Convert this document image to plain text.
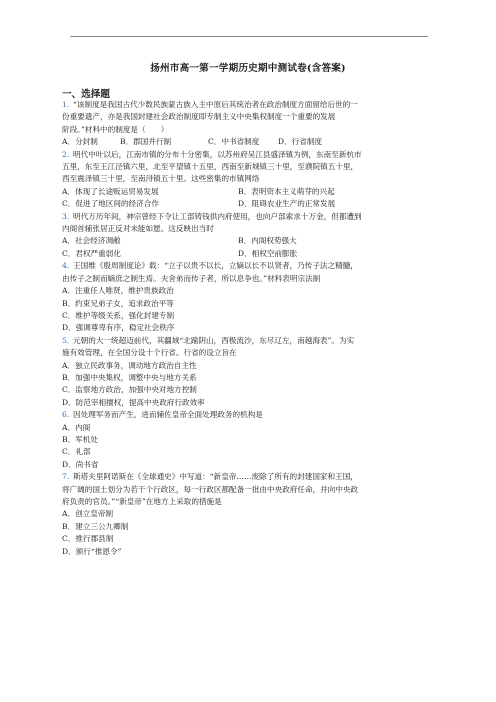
扬州市高一第一学期历史期中测试卷(含答案)
一、选择题
1.  “该制度是我国古代少数民族蒙古族入主中原后其统治者在政治制度方面留给后世的一
份重要遗产，亦是我国封建社会政治制度即专制主义中央集权制度一个重要的发展
阶段。”材料中的制度是（　　）
A．分封制	B．郡国并行制	C．中书省制度	D．行省制度
2.  明代中叶以后，江南市镇的分布十分密集，以苏州府吴江县盛泽镇为例，东南至新杭市
五里，东至王江泾镇六里，北至平望镇十五里，西南至新城镇三十里，至濮院镇五十里，
西至震泽镇三十里，至南浔镇五十里。这些密集的市镇网络
A．体现了长途贩运贸易发展	B．表明资本主义萌芽的兴起
C．促进了地区间的经济合作	D．阻碍农业生产的正常发展
3.  明代万历年间，神宗曾经下令让工部铸钱供内府使用，也向户部索求十万金，但都遭到
内阁首辅张居正反对未能如愿。这反映出当时
A．社会经济凋敝	B．内阁权势强大
C．君权严重弱化	D．相权空前膨胀
4.  王国维《殷周制度论》载：“立子以贵不以长，立嫡以长不以贤者，乃传子法之精髓，
由传子之制而嫡庶之制生焉。夫舍弟而传子者，所以息争也。”材料表明宗法制
A．注重任人唯贤，维护贵族政治
B．约束兄弟子女，追求政治平等
C．维护等级关系，强化封建专制
D．强调尊卑有序，稳定社会秩序
5.  元朝的大一统超迈前代，其疆域“北踰阴山，西极流沙，东尽辽左，南越海表”。为实
施有效管理，在全国分设十个行省。行省的设立旨在
A．独立民政事务，调动地方政治自主性
B．加强中央集权，调整中央与地方关系
C．监察地方政治，加强中央对地方控制
D．防范宰相擅权，提高中央政府行政效率
6.  因处理军务而产生，进而辅佐皇帝全面处理政务的机构是
A．内阁
B．军机处
C．礼部
D．尚书省
7.  斯塔夫里阿诺斯在《全球通史》中写道：“新皇帝……废除了所有的封建国家和王国，
将广阔的国土划分为若干个行政区，每一行政区都配备一批由中央政府任命，并向中央政
府负责的官员。”“新皇帝”在地方上采取的措施是
A．创立皇帝制
B．建立三公九卿制
C．推行郡县制
D．颁行“推恩令”
